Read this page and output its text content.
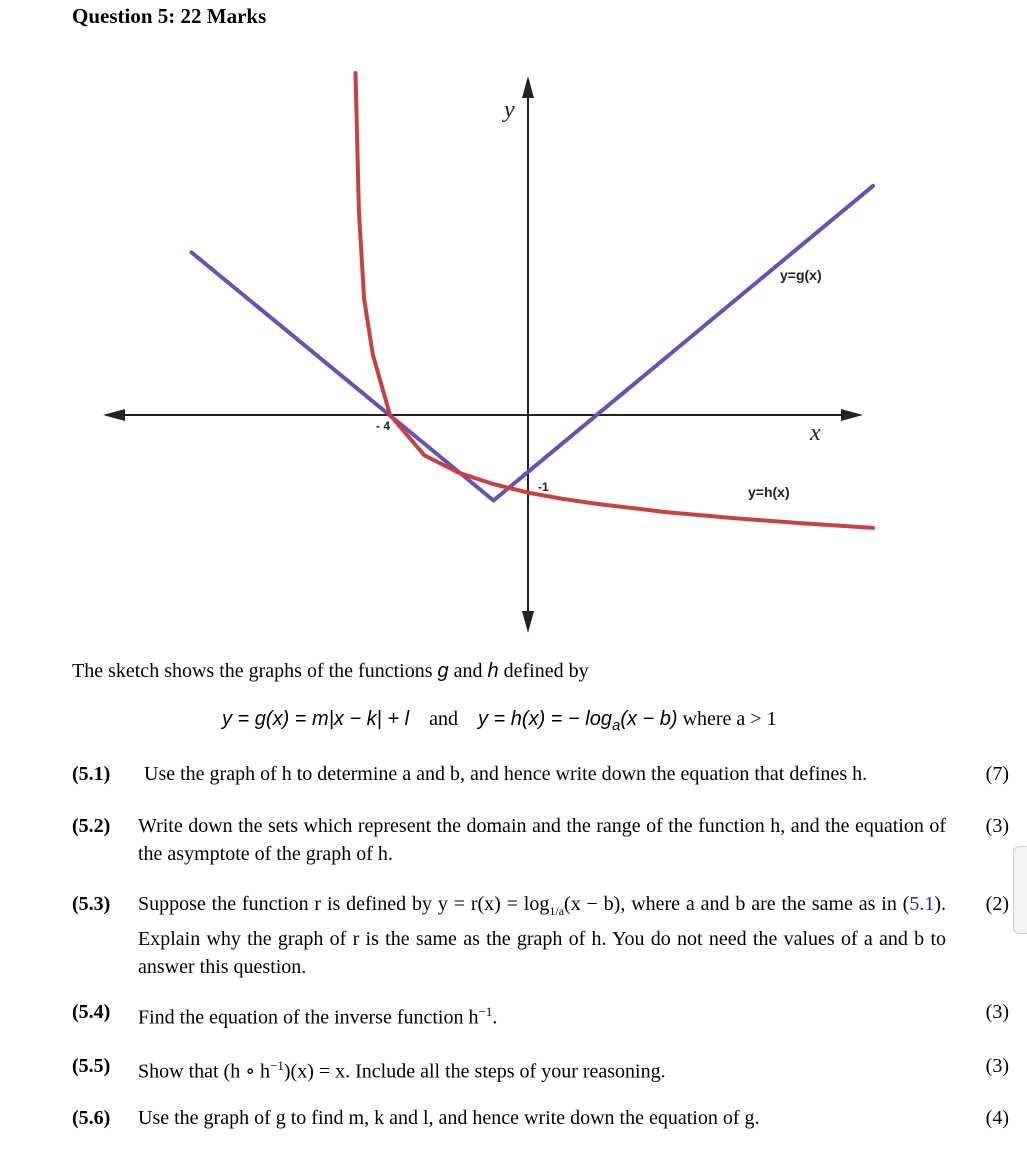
Question 5: 22 Marks
y
x
- 4
-1
y=g(x)
y=h(x)
The sketch shows the graphs of the functions g and h defined by
y = g(x) = m|x − k| + l and y = h(x) = − $\log_a(x - b)$ where a > 1
(5.1) Use the graph of h to determine a and b, and hence write down the equation that defines h.	(7)
(5.2) Write down the sets which represent the domain and the range of the function h, and the equation of the asymptote of the graph of h.
(3)
(5.3) Suppose the function r is defined by $y = r(x) = \log_{1/a}(x - b)$, where a and b are the same as in (5.1). Explain why the graph of r is the same as the graph of h. You do not need the values of a and b to answer this question.
(2)
(5.4) Find the equation of the inverse function $h^{-1}$.	(3)
(5.5) Show that (h ∘ $h^{-1})(x) = x$. Include all the steps of your reasoning.	(3)
(5.6) Use the graph of g to find m, k and l, and hence write down the equation of g.	(4)
